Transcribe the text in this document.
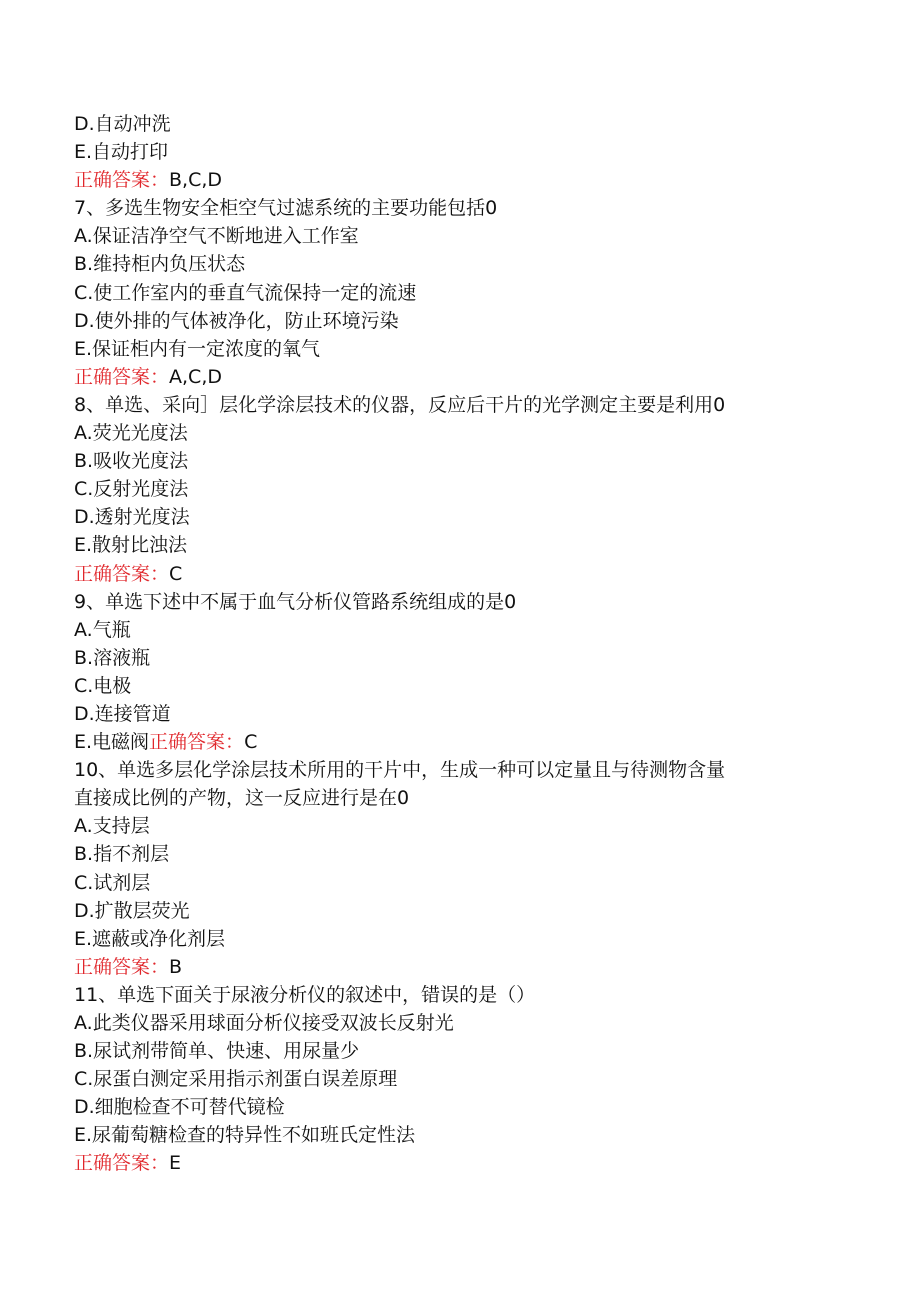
D.自动冲洗
E.自动打印
正确答案：B,C,D
7、多选生物安全柜空气过滤系统的主要功能包括0
A.保证洁净空气不断地进入工作室
B.维持柜内负压状态
C.使工作室内的垂直气流保持一定的流速
D.使外排的气体被净化，防止环境污染
E.保证柜内有一定浓度的氧气
正确答案：A,C,D
8、单选、采向］层化学涂层技术的仪器，反应后干片的光学测定主要是利用0
A.荧光光度法
B.吸收光度法
C.反射光度法
D.透射光度法
E.散射比浊法
正确答案：C
9、单选下述中不属于血气分析仪管路系统组成的是0
A.气瓶
B.溶液瓶
C.电极
D.连接管道
E.电磁阀正确答案：C
10、单选多层化学涂层技术所用的干片中，生成一种可以定量且与待测物含量
直接成比例的产物，这一反应进行是在0
A.支持层
B.指不剂层
C.试剂层
D.扩散层荧光
E.遮蔽或净化剂层
正确答案：B
11、单选下面关于尿液分析仪的叙述中，错误的是（）
A.此类仪器采用球面分析仪接受双波长反射光
B.尿试剂带简单、快速、用尿量少
C.尿蛋白测定采用指示剂蛋白误差原理
D.细胞检查不可替代镜检
E.尿葡萄糖检查的特异性不如班氏定性法
正确答案：E
